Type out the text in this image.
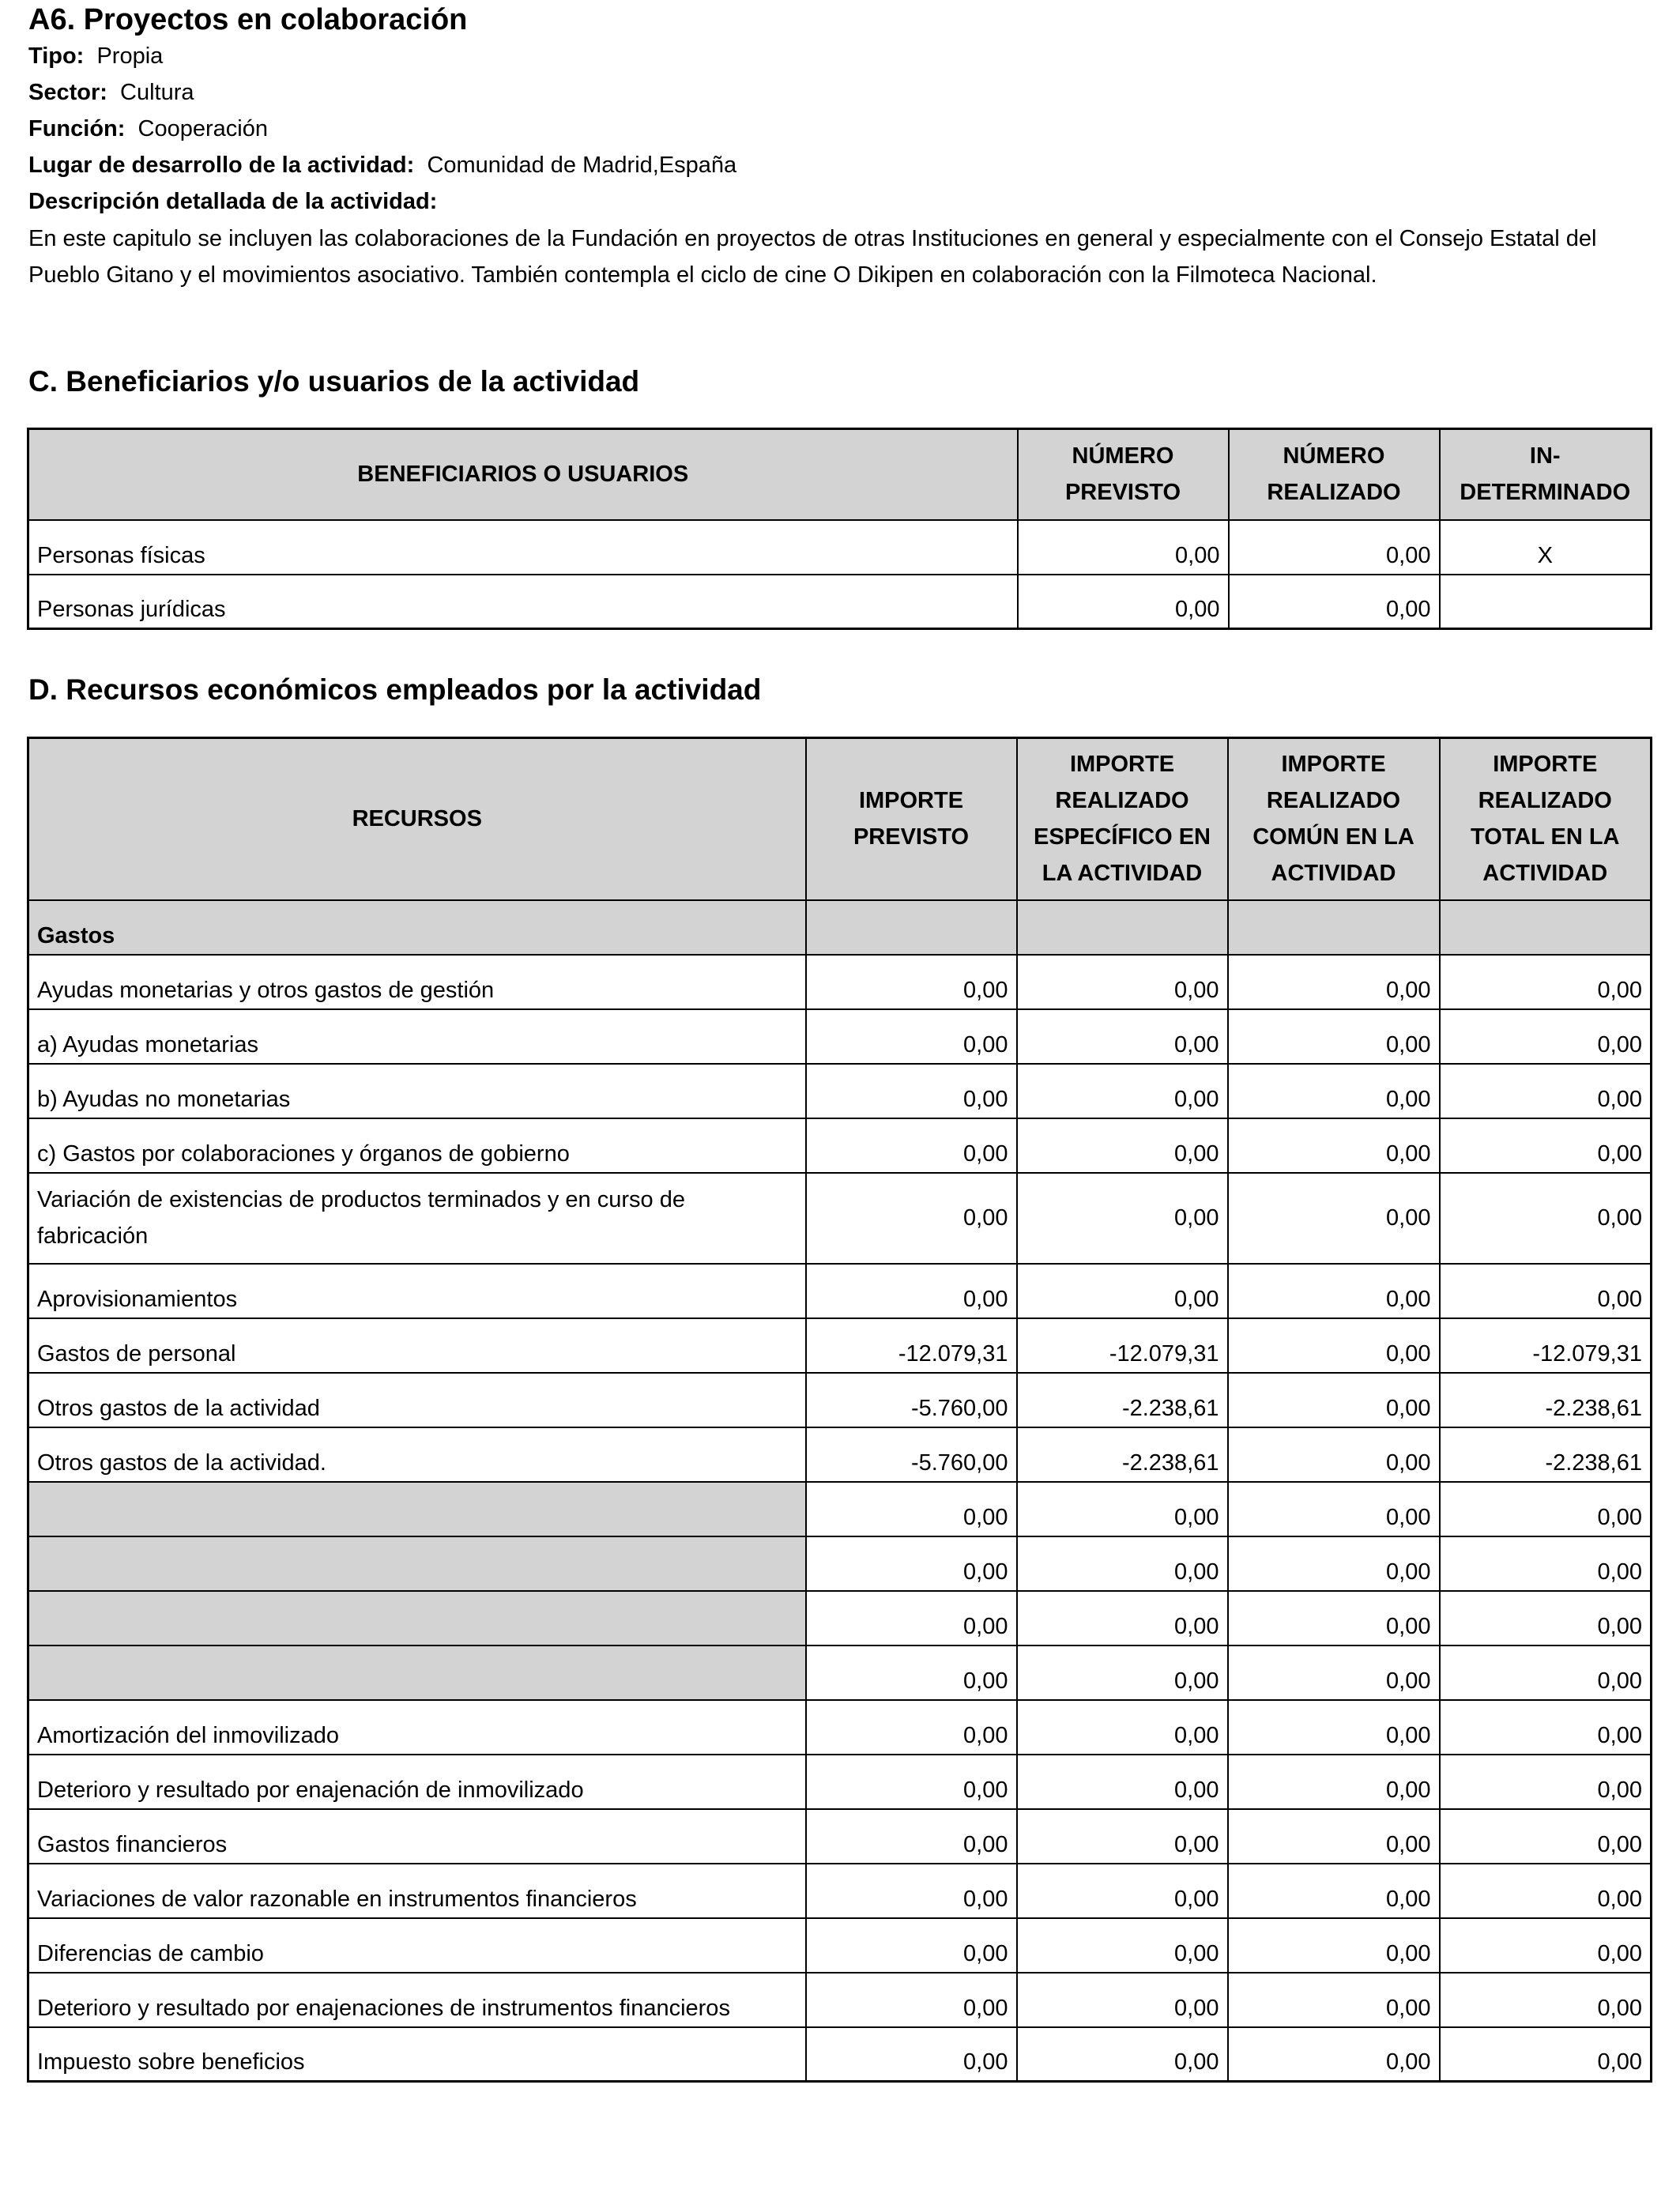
A6. Proyectos en colaboración
Tipo: Propia
Sector: Cultura
Función: Cooperación
Lugar de desarrollo de la actividad: Comunidad de Madrid,España
Descripción detallada de la actividad:
En este capitulo se incluyen las colaboraciones de la Fundación en proyectos de otras Instituciones en general y especialmente con el Consejo Estatal del Pueblo Gitano y el movimientos asociativo. También contempla el ciclo de cine O Dikipen en colaboración con la Filmoteca Nacional.
C. Beneficiarios y/o usuarios de la actividad
BENEFICIARIOS O USUARIOS	NÚMERO PREVISTO	NÚMERO REALIZADO	IN-DETERMINADO
Personas físicas	0,00	0,00	X
Personas jurídicas	0,00	0,00	
D. Recursos económicos empleados por la actividad
RECURSOS	IMPORTE PREVISTO	IMPORTE REALIZADO ESPECÍFICO EN LA ACTIVIDAD	IMPORTE REALIZADO COMÚN EN LA ACTIVIDAD	IMPORTE REALIZADO TOTAL EN LA ACTIVIDAD
Gastos				
Ayudas monetarias y otros gastos de gestión	0,00	0,00	0,00	0,00
a) Ayudas monetarias	0,00	0,00	0,00	0,00
b) Ayudas no monetarias	0,00	0,00	0,00	0,00
c) Gastos por colaboraciones y órganos de gobierno	0,00	0,00	0,00	0,00
Variación de existencias de productos terminados y en curso de fabricación	0,00	0,00	0,00	0,00
Aprovisionamientos	0,00	0,00	0,00	0,00
Gastos de personal	-12.079,31	-12.079,31	0,00	-12.079,31
Otros gastos de la actividad	-5.760,00	-2.238,61	0,00	-2.238,61
Otros gastos de la actividad.	-5.760,00	-2.238,61	0,00	-2.238,61
	0,00	0,00	0,00	0,00
	0,00	0,00	0,00	0,00
	0,00	0,00	0,00	0,00
	0,00	0,00	0,00	0,00
Amortización del inmovilizado	0,00	0,00	0,00	0,00
Deterioro y resultado por enajenación de inmovilizado	0,00	0,00	0,00	0,00
Gastos financieros	0,00	0,00	0,00	0,00
Variaciones de valor razonable en instrumentos financieros	0,00	0,00	0,00	0,00
Diferencias de cambio	0,00	0,00	0,00	0,00
Deterioro y resultado por enajenaciones de instrumentos financieros	0,00	0,00	0,00	0,00
Impuesto sobre beneficios	0,00	0,00	0,00	0,00
